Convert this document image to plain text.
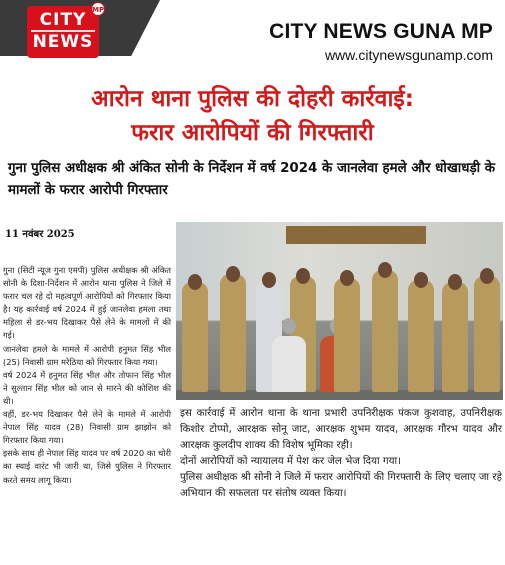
CITY
NEWS
MP
CITY NEWS GUNA MP
www.citynewsgunamp.com
आरोन थाना पुलिस की दोहरी कार्रवाई:
फरार आरोपियों की गिरफ्तारी
गुना पुलिस अधीक्षक श्री अंकित सोनी के निर्देशन में वर्ष 2024 के जानलेवा हमले और धोखाधड़ी के मामलों के फरार आरोपी गिरफ्तार
11 नवंबर 2025

गुना (सिटी न्यूज गुना एमपी) पुलिस अधीक्षक श्री अंकित सोनी के दिशा-निर्देशन में आरोन थाना पुलिस ने जिले में फरार चल रहे दो महत्वपूर्ण आरोपियों को गिरफ्तार किया है। यह कार्रवाई वर्ष 2024 में हुई जानलेवा हमला तथा महिला से डर-भय दिखाकर पैसे लेने के मामलों में की गई।

जानलेवा हमले के मामले में आरोपी हनुमत सिंह भील (25) निवासी ग्राम मरेठिया को गिरफ्तार किया गया।

वर्ष 2024 में हनुमत सिंह भील और तोफान सिंह भील ने सुल्तान सिंह भील को जान से मारने की कोशिश की थी।

वहीं, डर-भय दिखाकर पैसे लेने के मामले में आरोपी नेपाल सिंह यादव (28) निवासी ग्राम झाझोन को गिरफ्तार किया गया।

इसके साथ ही नेपाल सिंह यादव पर वर्ष 2020 का चोरी का स्थाई वारंट भी जारी था, जिसे पुलिस ने गिरफ्तार करते समय लागू किया।

इस कार्रवाई में आरोन थाना के थाना प्रभारी उपनिरीक्षक पंकज कुशवाह, उपनिरीक्षक किशोर टोप्पो, आरक्षक सोनू जाट, आरक्षक शुभम यादव, आरक्षक गौरभ यादव और आरक्षक कुलदीप शाक्य की विशेष भूमिका रही।

दोनों आरोपियों को न्यायालय में पेश कर जेल भेज दिया गया।

पुलिस अधीक्षक श्री सोनी ने जिले में फरार आरोपियों की गिरफ्तारी के लिए चलाए जा रहे अभियान की सफलता पर संतोष व्यक्त किया।
